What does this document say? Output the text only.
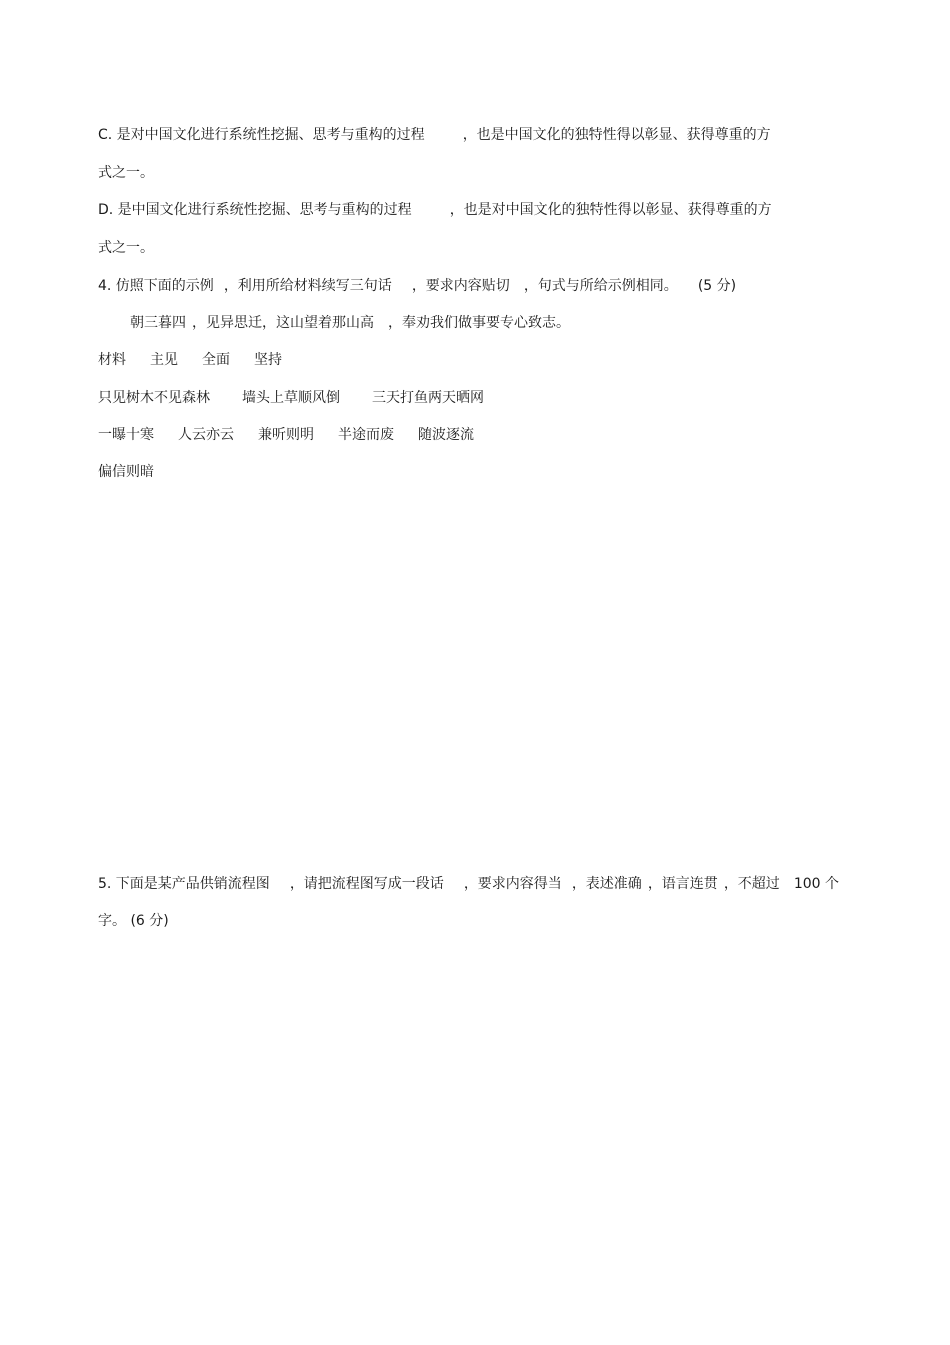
C. 是对中国文化进行系统性挖掘、思考与重构的过程	，也是中国文化的独特性得以彰显、获得尊重的方
式之一。
D. 是中国文化进行系统性挖掘、思考与重构的过程	，也是对中国文化的独特性得以彰显、获得尊重的方
式之一。
4. 仿照下面的示例 ，利用所给材料续写三句话 ，要求内容贴切 ，句式与所给示例相同。 (5 分)
朝三暮四 ，见异思迁，这山望着那山高 ，奉劝我们做事要专心致志。
材料 主见 全面 坚持
只见树木不见森林 墙头上草顺风倒 三天打鱼两天晒网
一曝十寒 人云亦云 兼听则明 半途而废 随波逐流
偏信则暗
5. 下面是某产品供销流程图 ，请把流程图写成一段话 ，要求内容得当 ，表述准确 ，语言连贯 ，不超过 100 个
字。 (6 分)
